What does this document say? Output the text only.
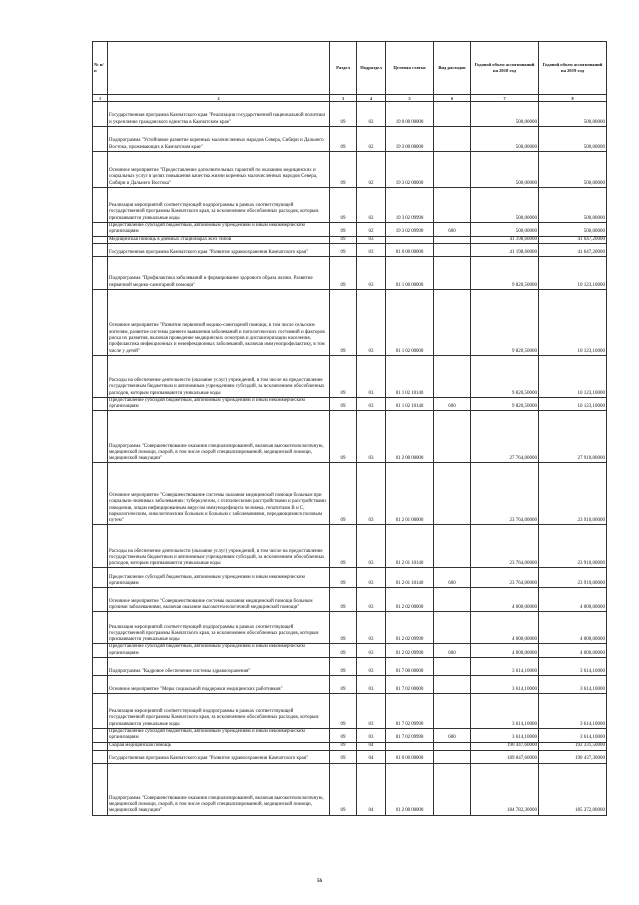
№ п/п		Раздел	Подраздел	Целевая статья	Вид расходов	Годовой объем ассигнований на 2018 год	Годовой объем ассигнований на 2019 год
1	2	3	4	5	6	7	8
	Государственная программа Камчатского края "Реализация государственной национальной политики и укрепление гражданского единства в Камчатском крае"	09	02	19 0 00 00000		500,00000	500,00000
	Подпрограмма "Устойчивое развитие коренных малочисленных народов Севера, Сибири и Дальнего Востока, проживающих в Камчатском крае"	09	02	19 3 00 00000		500,00000	500,00000
	Основное мероприятие "Предоставление дополнительных гарантий по оказанию медицинских и социальных услуг в целях повышения качества жизни коренных малочисленных народов Севера, Сибири и Дальнего Востока"	09	02	19 3 02 00000		500,00000	500,00000
	Реализация мероприятий соответствующей подпрограммы в рамках соответствующей государственной программы Камчатского края, за исключением обособленных расходов, которым присваиваются уникальные коды	09	02	19 3 02 09990		500,00000	500,00000
	Предоставление субсидий бюджетным, автономным учреждениям и иным некоммерческим организациям	09	02	19 3 02 09990	600	500,00000	500,00000
	Медицинская помощь в дневных стационарах всех типов	09	03			41 198,60000	41 647,20000
	Государственная программа Камчатского края "Развитие здравоохранения Камчатского края"	09	03	01 0 00 00000		41 198,60000	41 647,20000
	Подпрограмма "Профилактика заболеваний и формирование здорового образа жизни. Развитие первичной медико-санитарной помощи"	09	03	01 1 00 00000		9 820,50000	10 123,10000
	Основное мероприятие "Развитие первичной медико-санитарной помощи, в том числе сельским жителям, развитие системы раннего выявления заболеваний и патологических состояний и факторов риска их развития, включая проведение медицинских осмотров и диспансеризации населения, профилактика инфекционных и неинфекционных заболеваний, включая иммунопрофилактику, в том числе у детей"	09	03	01 1 02 00000		9 820,50000	10 123,10000
	Расходы на обеспечение деятельности (оказание услуг) учреждений, в том числе на предоставление государственным бюджетным и автономным учреждениям субсидий, за исключением обособленных расходов, которым присваиваются уникальные коды	09	03	01 1 02 10140		9 820,50000	10 123,10000
	Предоставление субсидий бюджетным, автономным учреждениям и иным некоммерческим организациям	09	03	01 1 02 10140	600	9 820,50000	10 123,10000
	Подпрограмма "Совершенствование оказания специализированной, включая высокотехнологичную, медицинской помощи, скорой, в том числе скорой специализированной, медицинской помощи, медицинской эвакуации"	09	03	01 2 00 00000		27 764,00000	27 910,00000
	Основное мероприятие "Совершенствование системы оказания медицинской помощи больным при социально-значимых заболеваниях: туберкулезом, с психическими расстройствами и расстройствами поведения, лицам инфицированным вирусом иммунодефицита человека, гепатитами В и С, наркологическим, онкологическим больным и больным с заболеваниями, передающимися половым путем"	09	03	01 2 01 00000		23 764,00000	23 910,00000
	Расходы на обеспечение деятельности (оказание услуг) учреждений, в том числе на предоставление государственным бюджетным и автономным учреждениям субсидий, за исключением обособленных расходов, которым присваиваются уникальные коды	09	03	01 2 01 10140		23 764,00000	23 910,00000
	Предоставление субсидий бюджетным, автономным учреждениям и иным некоммерческим организациям	09	03	01 2 01 10140	600	23 764,00000	23 910,00000
	Основное мероприятие "Совершенствование системы оказания медицинской помощи больным прочими заболеваниями, включая оказание высокотехнологичной медицинской помощи"	09	03	01 2 02 00000		4 000,00000	4 000,00000
	Реализация мероприятий соответствующей подпрограммы в рамках соответствующей государственной программы Камчатского края, за исключением обособленных расходов, которым присваиваются уникальные коды	09	03	01 2 02 09990		4 000,00000	4 000,00000
	Предоставление субсидий бюджетным, автономным учреждениям и иным некоммерческим организациям	09	03	01 2 02 09990	600	4 000,00000	4 000,00000
	Подпрограмма "Кадровое обеспечение системы здравоохранения"	09	03	01 7 00 00000		3 614,10000	3 614,10000
	Основное мероприятие "Меры социальной поддержки медицинских работников"	09	03	01 7 02 00000		3 614,10000	3 614,10000
	Реализация мероприятий соответствующей подпрограммы в рамках соответствующей государственной программы Камчатского края, за исключением обособленных расходов, которым присваиваются уникальные коды	09	03	01 7 02 09990		3 614,10000	3 614,10000
	Предоставление субсидий бюджетным, автономным учреждениям и иным некоммерческим организациям	09	03	01 7 02 09990	600	3 614,10000	3 614,10000
	Скорая медицинская помощь	09	04			190 447,60000	192 331,50000
	Государственная программа Камчатского края "Развитие здравоохранения Камчатского края"	09	04	01 0 00 00000		189 847,60000	190 437,30000
	Подпрограмма "Совершенствование оказания специализированной, включая высокотехнологичную, медицинской помощи, скорой, в том числе скорой специализированной, медицинской помощи, медицинской эвакуации"	09	04	01 2 00 00000		184 782,30000	185 372,00000
56
